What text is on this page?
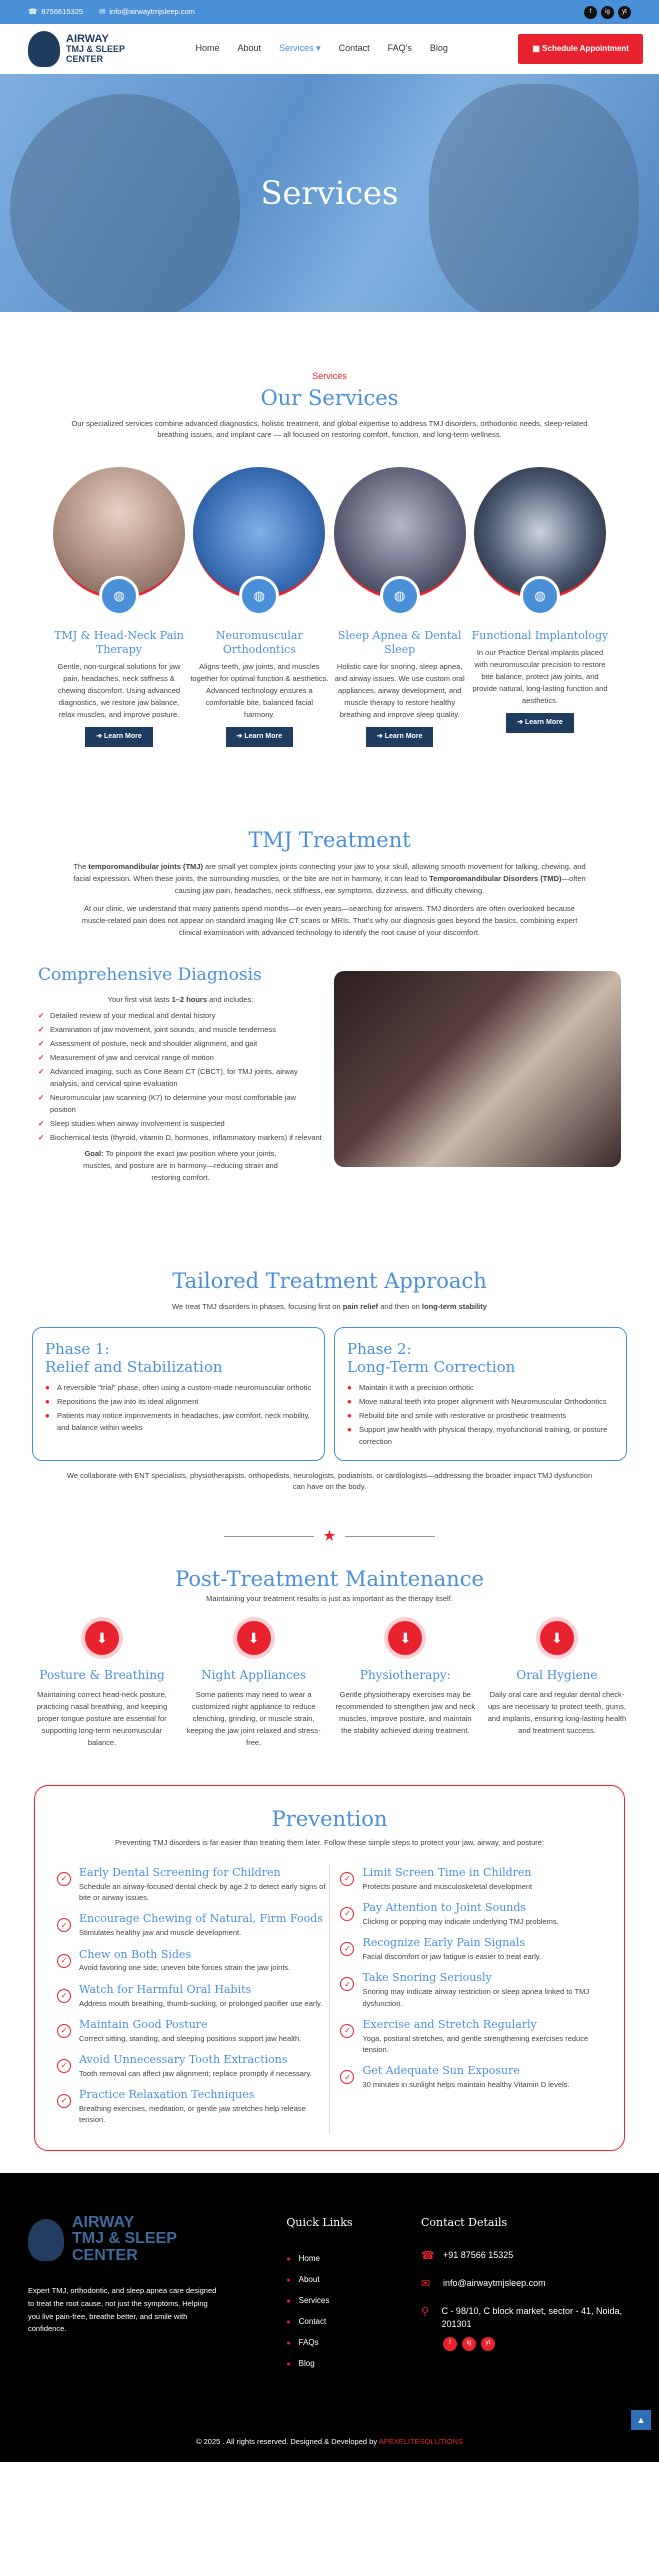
☎ 8756615325 ✉ info@airwaytmjsleep.com	f	ig	yt
AIRWAY
TMJ & SLEEP
CENTER
Home About Services ▾ Contact FAQ's Blog	▦ Schedule Appointment
Services
Services
Our Services

Our specialized services combine advanced diagnostics, holistic treatment, and global expertise to address TMJ disorders, orthodontic needs, sleep-related breathing issues, and implant care — all focused on restoring comfort, function, and long-term wellness.

◍
TMJ & Head-Neck Pain Therapy

Gentle, non-surgical solutions for jaw pain, headaches, neck stiffness & chewing discomfort. Using advanced diagnostics, we restore jaw balance, relax muscles, and improve posture.

➔ Learn More
◍
Neuromuscular Orthodontics

Aligns teeth, jaw joints, and muscles together for optimal function & aesthetics. Advanced technology ensures a comfortable bite, balanced facial harmony.

➔ Learn More
◍
Sleep Apnea & Dental Sleep

Holistic care for snoring, sleep apnea, and airway issues. We use custom oral appliances, airway development, and muscle therapy to restore healthy breathing and improve sleep quality.

➔ Learn More
◍
Functional Implantology

In our Practice Dental implants placed with neuromuscular precision to restore bite balance, protect jaw joints, and provide natural, long-lasting function and aesthetics.

➔ Learn More
TMJ Treatment

The temporomandibular joints (TMJ) are small yet complex joints connecting your jaw to your skull, allowing smooth movement for talking, chewing, and facial expression. When these joints, the surrounding muscles, or the bite are not in harmony, it can lead to Temporomandibular Disorders (TMD)—often causing jaw pain, headaches, neck stiffness, ear symptoms, dizziness, and difficulty chewing.

At our clinic, we understand that many patients spend months—or even years—searching for answers. TMJ disorders are often overlooked because muscle-related pain does not appear on standard imaging like CT scans or MRIs. That's why our diagnosis goes beyond the basics, combining expert clinical examination with advanced technology to identify the root cause of your discomfort.

Comprehensive Diagnosis

Your first visit lasts 1–2 hours and includes:

✓ Detailed review of your medical and dental history
✓ Examination of jaw movement, joint sounds, and muscle tenderness
✓ Assessment of posture, neck and shoulder alignment, and gait
✓ Measurement of jaw and cervical range of motion
✓ Advanced imaging, such as Cone Beam CT (CBCT), for TMJ joints, airway analysis, and cervical spine evaluation
✓ Neuromuscular jaw scanning (K7) to determine your most comfortable jaw position
✓ Sleep studies when airway involvement is suspected
✓ Biochemical tests (thyroid, vitamin D, hormones, inflammatory markers) if relevant

Goal: To pinpoint the exact jaw position where your joints, muscles, and posture are in harmony—reducing strain and restoring comfort.

Tailored Treatment Approach

We treat TMJ disorders in phases, focusing first on pain relief and then on long-term stability

Phase 1:
Relief and Stabilization
● A reversible "trial" phase, often using a custom-made neuromuscular orthotic
● Repositions the jaw into its ideal alignment
● Patients may notice improvements in headaches, jaw comfort, neck mobility, and balance within weeks
Phase 2:
Long-Term Correction
● Maintain it with a precision orthotic
● Move natural teeth into proper alignment with Neuromuscular Orthodontics
● Rebuild bite and smile with restorative or prosthetic treatments
● Support jaw health with physical therapy, myofunctional training, or posture correction

We collaborate with ENT specialists, physiotherapists, orthopedists, neurologists, podiatrists, or cardiologists—addressing the broader impact TMJ dysfunction can have on the body.

★
Post-Treatment Maintenance

Maintaining your treatment results is just as important as the therapy itself.

⬇
Posture & Breathing

Maintaining correct head-neck posture, practicing nasal breathing, and keeping proper tongue posture are essential for supporting long-term neuromuscular balance.

⬇
Night Appliances

Some patients may need to wear a customized night appliance to reduce clenching, grinding, or muscle strain, keeping the jaw joint relaxed and stress-free.

⬇
Physiotherapy:

Gentle physiotherapy exercises may be recommended to strengthen jaw and neck muscles, improve posture, and maintain the stability achieved during treatment.

⬇
Oral Hygiene

Daily oral care and regular dental check-ups are necessary to protect teeth, gums, and implants, ensuring long-lasting health and treatment success.

Prevention

Preventing TMJ disorders is far easier than treating them later. Follow these simple steps to protect your jaw, airway, and posture:

✓	Early Dental Screening for Children

Schedule an airway-focused dental check by age 2 to detect early signs of bite or airway issues.

✓	Encourage Chewing of Natural, Firm Foods

Stimulates healthy jaw and muscle development.

✓	Chew on Both Sides

Avoid favoring one side; uneven bite forces strain the jaw joints.

✓	Watch for Harmful Oral Habits

Address mouth breathing, thumb-sucking, or prolonged pacifier use early.

✓	Maintain Good Posture

Correct sitting, standing, and sleeping positions support jaw health.

✓	Avoid Unnecessary Tooth Extractions

Tooth removal can affect jaw alignment; replace promptly if necessary.

✓	Practice Relaxation Techniques

Breathing exercises, meditation, or gentle jaw stretches help release tension.

✓	Limit Screen Time in Children

Protects posture and musculoskeletal development

✓	Pay Attention to Joint Sounds

Clicking or popping may indicate underlying TMJ problems.

✓	Recognize Early Pain Signals

Facial discomfort or jaw fatigue is easier to treat early.

✓	Take Snoring Seriously

Snoring may indicate airway restriction or sleep apnea linked to TMJ dysfunction.

✓	Exercise and Stretch Regularly

Yoga, postural stretches, and gentle strengthening exercises reduce tension.

✓	Get Adequate Sun Exposure

30 minutes in sunlight helps maintain healthy Vitamin D levels.

AIRWAY
TMJ & SLEEP
CENTER

Expert TMJ, orthodontic, and sleep apnea care designed to treat the root cause, not just the symptoms. Helping you live pain-free, breathe better, and smile with confidence.

Quick Links
● Home
● About
● Services
● Contact
● FAQs
● Blog
Contact Details
☎ +91 87566 15325
✉	info@airwaytmjsleep.com
⚲	C - 98/10, C block market, sector - 41, Noida, 201301
f	ig	yt
© 2025 . All rights reserved. Designed & Developed by APEXELITESOLUTIONS
▲
